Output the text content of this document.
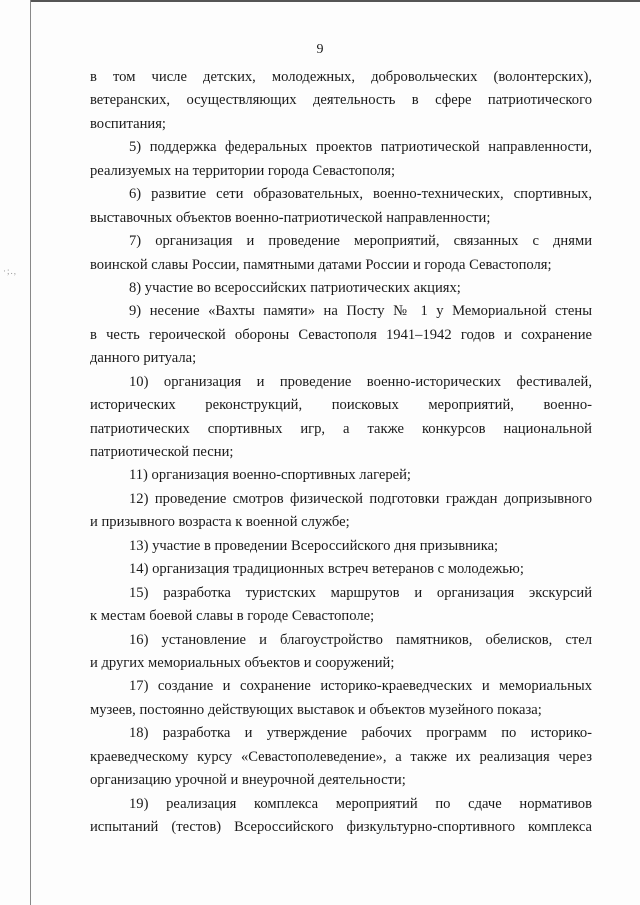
·;.,
9
в том числе детских, молодежных, добровольческих (волонтерских),
ветеранских, осуществляющих деятельность в сфере патриотического
воспитания;
5) поддержка федеральных проектов патриотической направленности,
реализуемых на территории города Севастополя;
6) развитие сети образовательных, военно-технических, спортивных,
выставочных объектов военно-патриотической направленности;
7) организация и проведение мероприятий, связанных с днями
воинской славы России, памятными датами России и города Севастополя;
8) участие во всероссийских патриотических акциях;
9) несение «Вахты памяти» на Посту № 1 у Мемориальной стены
в честь героической обороны Севастополя 1941–1942 годов и сохранение
данного ритуала;
10) организация и проведение военно-исторических фестивалей,
исторических реконструкций, поисковых мероприятий, военно-
патриотических спортивных игр, а также конкурсов национальной
патриотической песни;
11) организация военно-спортивных лагерей;
12) проведение смотров физической подготовки граждан допризывного
и призывного возраста к военной службе;
13) участие в проведении Всероссийского дня призывника;
14) организация традиционных встреч ветеранов с молодежью;
15) разработка туристских маршрутов и организация экскурсий
к местам боевой славы в городе Севастополе;
16) установление и благоустройство памятников, обелисков, стел
и других мемориальных объектов и сооружений;
17) создание и сохранение историко-краеведческих и мемориальных
музеев, постоянно действующих выставок и объектов музейного показа;
18) разработка и утверждение рабочих программ по историко-
краеведческому курсу «Севастополеведение», а также их реализация через
организацию урочной и внеурочной деятельности;
19) реализация комплекса мероприятий по сдаче нормативов
испытаний (тестов) Всероссийского физкультурно-спортивного комплекса
